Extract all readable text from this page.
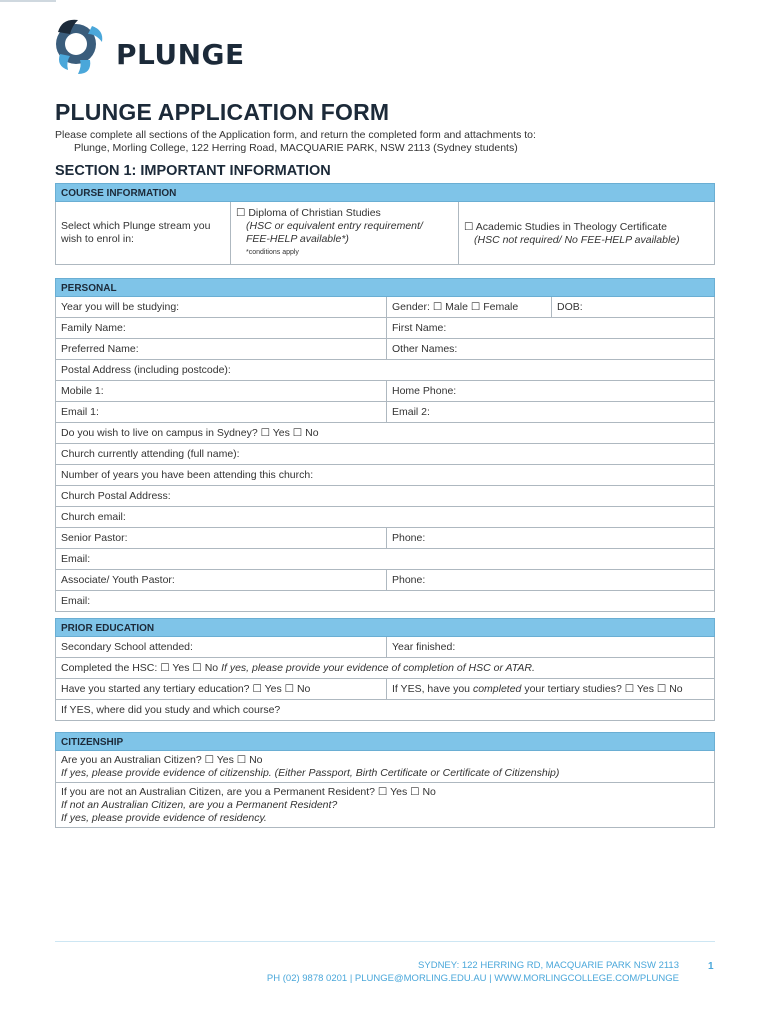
PLUNGE
PLUNGE APPLICATION FORM
Please complete all sections of the Application form, and return the completed form and attachments to:
Plunge, Morling College, 122 Herring Road, MACQUARIE PARK, NSW 2113 (Sydney students)
SECTION 1: IMPORTANT INFORMATION
COURSE INFORMATION
Select which Plunge stream you wish to enrol in:
☐ Diploma of Christian Studies
(HSC or equivalent entry requirement/
FEE-HELP available*)
*conditions apply
☐ Academic Studies in Theology Certificate
(HSC not required/ No FEE-HELP available)
PERSONAL
Year you will be studying:	Gender: ☐ Male ☐ Female	DOB:
Family Name:	First Name:
Preferred Name:	Other Names:
Postal Address (including postcode):
Mobile 1:	Home Phone:
Email 1:	Email 2:
Do you wish to live on campus in Sydney? ☐ Yes ☐ No
Church currently attending (full name):
Number of years you have been attending this church:
Church Postal Address:
Church email:
Senior Pastor:	Phone:
Email:
Associate/ Youth Pastor:	Phone:
Email:
PRIOR EDUCATION
Secondary School attended:	Year finished:
Completed the HSC: ☐ Yes ☐ No
If yes, please provide your evidence of completion of HSC or ATAR.
Have you started any tertiary education? ☐ Yes ☐ No	If YES, have you
completed
your tertiary studies? ☐ Yes ☐ No
If YES, where did you study and which course?
CITIZENSHIP
Are you an Australian Citizen? ☐ Yes ☐ No
If yes, please provide evidence of citizenship. (Either Passport, Birth Certificate or Certificate of Citizenship)
If you are not an Australian Citizen, are you a Permanent Resident? ☐ Yes ☐ No
If not an Australian Citizen, are you a Permanent Resident?
If yes, please provide evidence of residency.
SYDNEY: 122 HERRING RD, MACQUARIE PARK NSW 2113
PH (02) 9878 0201 | PLUNGE@MORLING.EDU.AU | WWW.MORLINGCOLLEGE.COM/PLUNGE
1
